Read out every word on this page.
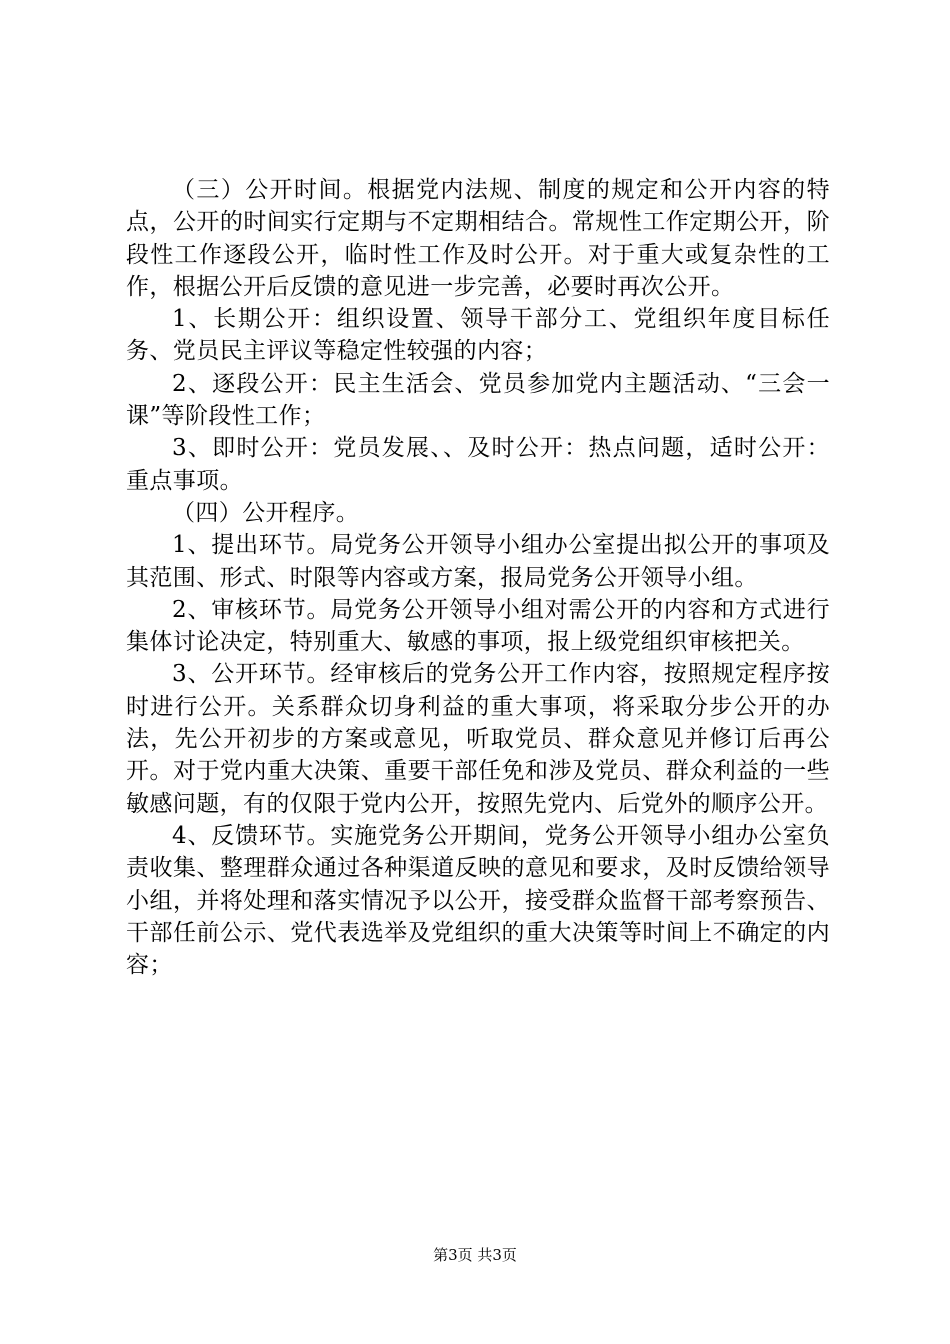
（三）公开时间。根据党内法规、制度的规定和公开内容的特点，公开的时间实行定期与不定期相结合。常规性工作定期公开，阶段性工作逐段公开，临时性工作及时公开。对于重大或复杂性的工作，根据公开后反馈的意见进一步完善，必要时再次公开。

1、长期公开：组织设置、领导干部分工、党组织年度目标任务、党员民主评议等稳定性较强的内容；

2、逐段公开：民主生活会、党员参加党内主题活动、“三会一课”等阶段性工作；

3、即时公开：党员发展、、及时公开：热点问题，适时公开：重点事项。

（四）公开程序。

1、提出环节。局党务公开领导小组办公室提出拟公开的事项及其范围、形式、时限等内容或方案，报局党务公开领导小组。

2、审核环节。局党务公开领导小组对需公开的内容和方式进行集体讨论决定，特别重大、敏感的事项，报上级党组织审核把关。

3、公开环节。经审核后的党务公开工作内容，按照规定程序按时进行公开。关系群众切身利益的重大事项，将采取分步公开的办法，先公开初步的方案或意见，听取党员、群众意见并修订后再公开。对于党内重大决策、重要干部任免和涉及党员、群众利益的一些敏感问题，有的仅限于党内公开，按照先党内、后党外的顺序公开。

4、反馈环节。实施党务公开期间，党务公开领导小组办公室负责收集、整理群众通过各种渠道反映的意见和要求，及时反馈给领导小组，并将处理和落实情况予以公开，接受群众监督干部考察预告、干部任前公示、党代表选举及党组织的重大决策等时间上不确定的内容；

第3页 共3页
